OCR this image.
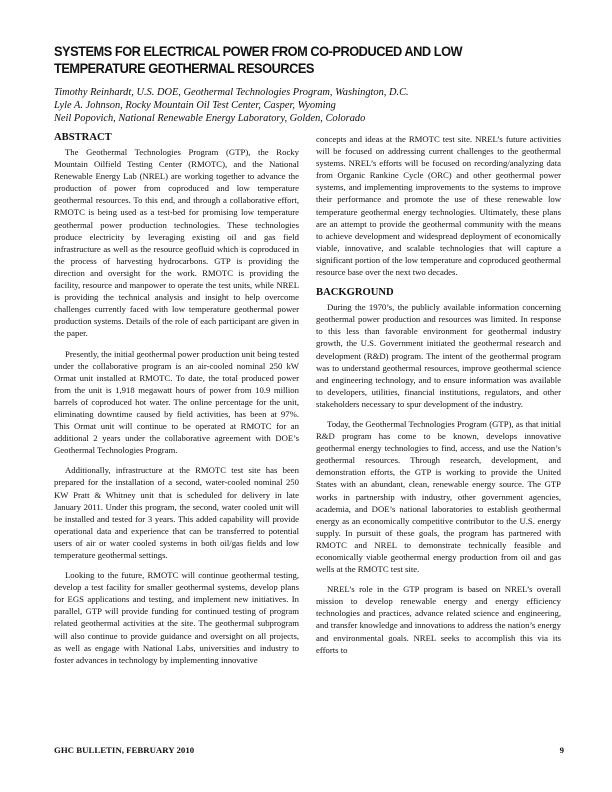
SYSTEMS FOR ELECTRICAL POWER FROM CO-PRODUCED AND LOW TEMPERATURE GEOTHERMAL RESOURCES
Timothy Reinhardt, U.S. DOE, Geothermal Technologies Program, Washington, D.C.
Lyle A. Johnson, Rocky Mountain Oil Test Center, Casper, Wyoming
Neil Popovich, National Renewable Energy Laboratory, Golden, Colorado
ABSTRACT

The Geothermal Technologies Program (GTP), the Rocky Mountain Oilfield Testing Center (RMOTC), and the National Renewable Energy Lab (NREL) are working together to advance the production of power from coproduced and low temperature geothermal resources. To this end, and through a collaborative effort, RMOTC is being used as a test-bed for promising low temperature geothermal power production technologies. These technologies produce electricity by leveraging existing oil and gas field infrastructure as well as the resource geofluid which is coproduced in the process of harvesting hydrocarbons. GTP is providing the direction and oversight for the work. RMOTC is providing the facility, resource and manpower to operate the test units, while NREL is providing the technical analysis and insight to help overcome challenges currently faced with low temperature geothermal power production systems. Details of the role of each participant are given in the paper.

Presently, the initial geothermal power production unit being tested under the collaborative program is an air-cooled nominal 250 kW Ormat unit installed at RMOTC. To date, the total produced power from the unit is 1,918 megawatt hours of power from 10.9 million barrels of coproduced hot water. The online percentage for the unit, eliminating downtime caused by field activities, has been at 97%. This Ormat unit will continue to be operated at RMOTC for an additional 2 years under the collaborative agreement with DOE’s Geothermal Technologies Program.

Additionally, infrastructure at the RMOTC test site has been prepared for the installation of a second, water-cooled nominal 250 KW Pratt & Whitney unit that is scheduled for delivery in late January 2011. Under this program, the second, water cooled unit will be installed and tested for 3 years. This added capability will provide operational data and experience that can be transferred to potential users of air or water cooled systems in both oil/gas fields and low temperature geothermal settings.

Looking to the future, RMOTC will continue geothermal testing, develop a test facility for smaller geothermal systems, develop plans for EGS applications and testing, and implement new initiatives. In parallel, GTP will provide funding for continued testing of program related geothermal activities at the site. The geothermal subprogram will also continue to provide guidance and oversight on all projects, as well as engage with National Labs, universities and industry to foster advances in technology by implementing innovative

concepts and ideas at the RMOTC test site. NREL’s future activities will be focused on addressing current challenges to the geothermal systems. NREL’s efforts will be focused on recording/analyzing data from Organic Rankine Cycle (ORC) and other geothermal power systems, and implementing improvements to the systems to improve their performance and promote the use of these renewable low temperature geothermal energy technologies. Ultimately, these plans are an attempt to provide the geothermal community with the means to achieve development and widespread deployment of economically viable, innovative, and scalable technologies that will capture a significant portion of the low temperature and coproduced geothermal resource base over the next two decades.

BACKGROUND

During the 1970’s, the publicly available information concerning geothermal power production and resources was limited. In response to this less than favorable environment for geothermal industry growth, the U.S. Government initiated the geothermal research and development (R&D) program. The intent of the geothermal program was to understand geothermal resources, improve geothermal science and engineering technology, and to ensure information was available to developers, utilities, financial institutions, regulators, and other stakeholders necessary to spur development of the industry.

Today, the Geothermal Technologies Program (GTP), as that initial R&D program has come to be known, develops innovative geothermal energy technologies to find, access, and use the Nation’s geothermal resources. Through research, development, and demonstration efforts, the GTP is working to provide the United States with an abundant, clean, renewable energy source. The GTP works in partnership with industry, other government agencies, academia, and DOE’s national laboratories to establish geothermal energy as an economically competitive contributor to the U.S. energy supply. In pursuit of these goals, the program has partnered with RMOTC and NREL to demonstrate technically feasible and economically viable geothermal energy production from oil and gas wells at the RMOTC test site.

NREL’s role in the GTP program is based on NREL’s overall mission to develop renewable energy and energy efficiency technologies and practices, advance related science and engineering, and transfer knowledge and innovations to address the nation’s energy and environmental goals. NREL seeks to accomplish this via its efforts to

GHC BULLETIN, FEBRUARY 2010	9
